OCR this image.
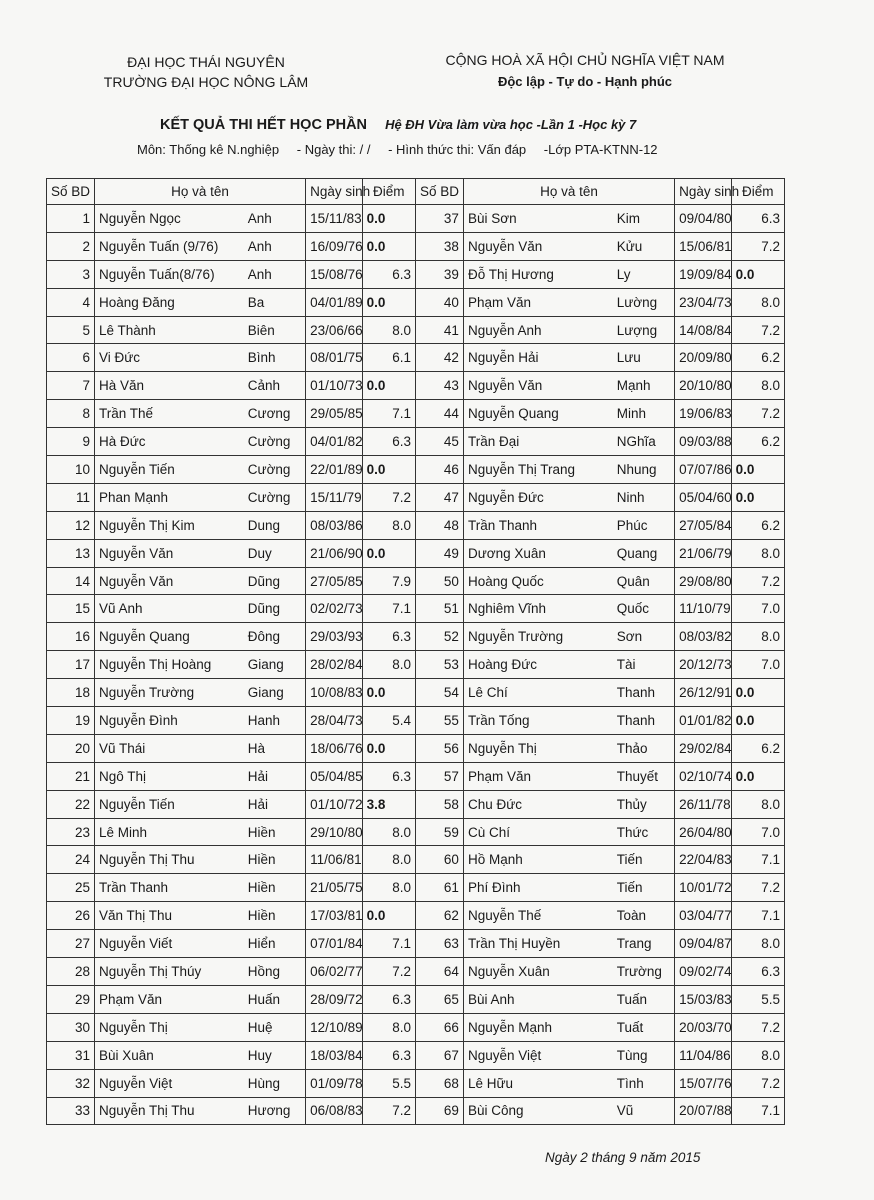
ĐẠI HỌC THÁI NGUYÊN
TRƯỜNG ĐẠI HỌC NÔNG LÂM
CỘNG HOÀ XÃ HỘI CHỦ NGHĨA VIỆT NAM
Độc lập - Tự do - Hạnh phúc
KẾT QUẢ THI HẾT HỌC PHẦN Hệ ĐH Vừa làm vừa học -Lần 1 -Học kỳ 7
Môn: Thống kê N.nghiệp - Ngày thi: / / - Hình thức thi: Vấn đáp -Lớp PTA-KTNN-12
Số BD	Họ và tên		Ngày sinh	Điểm	Số BD	Họ và tên		Ngày sinh	Điểm
1	Nguyễn Ngọc	Anh	15/11/83	0.0	37	Bùi Sơn	Kim	09/04/80	6.3
2	Nguyễn Tuấn (9/76)	Anh	16/09/76	0.0	38	Nguyễn Văn	Kửu	15/06/81	7.2
3	Nguyễn Tuấn(8/76)	Anh	15/08/76	6.3	39	Đỗ Thị Hương	Ly	19/09/84	0.0
4	Hoàng Đăng	Ba	04/01/89	0.0	40	Phạm Văn	Lường	23/04/73	8.0
5	Lê Thành	Biên	23/06/66	8.0	41	Nguyễn Anh	Lượng	14/08/84	7.2
6	Vi Đức	Bình	08/01/75	6.1	42	Nguyễn Hải	Lưu	20/09/80	6.2
7	Hà Văn	Cảnh	01/10/73	0.0	43	Nguyễn Văn	Mạnh	20/10/80	8.0
8	Trần Thế	Cương	29/05/85	7.1	44	Nguyễn Quang	Minh	19/06/83	7.2
9	Hà Đức	Cường	04/01/82	6.3	45	Trần Đại	NGhĩa	09/03/88	6.2
10	Nguyễn Tiến	Cường	22/01/89	0.0	46	Nguyễn Thị Trang	Nhung	07/07/86	0.0
11	Phan Mạnh	Cường	15/11/79	7.2	47	Nguyễn Đức	Ninh	05/04/60	0.0
12	Nguyễn Thị Kim	Dung	08/03/86	8.0	48	Trần Thanh	Phúc	27/05/84	6.2
13	Nguyễn Văn	Duy	21/06/90	0.0	49	Dương Xuân	Quang	21/06/79	8.0
14	Nguyễn Văn	Dũng	27/05/85	7.9	50	Hoàng Quốc	Quân	29/08/80	7.2
15	Vũ Anh	Dũng	02/02/73	7.1	51	Nghiêm Vĩnh	Quốc	11/10/79	7.0
16	Nguyễn Quang	Đông	29/03/93	6.3	52	Nguyễn Trường	Sơn	08/03/82	8.0
17	Nguyễn Thị Hoàng	Giang	28/02/84	8.0	53	Hoàng Đức	Tài	20/12/73	7.0
18	Nguyễn Trường	Giang	10/08/83	0.0	54	Lê Chí	Thanh	26/12/91	0.0
19	Nguyễn Đình	Hanh	28/04/73	5.4	55	Trần Tống	Thanh	01/01/82	0.0
20	Vũ Thái	Hà	18/06/76	0.0	56	Nguyễn Thị	Thảo	29/02/84	6.2
21	Ngô Thị	Hải	05/04/85	6.3	57	Phạm Văn	Thuyết	02/10/74	0.0
22	Nguyễn Tiến	Hải	01/10/72	3.8	58	Chu Đức	Thủy	26/11/78	8.0
23	Lê Minh	Hiền	29/10/80	8.0	59	Cù Chí	Thức	26/04/80	7.0
24	Nguyễn Thị Thu	Hiền	11/06/81	8.0	60	Hồ Mạnh	Tiến	22/04/83	7.1
25	Trần Thanh	Hiền	21/05/75	8.0	61	Phí Đình	Tiến	10/01/72	7.2
26	Văn Thị Thu	Hiền	17/03/81	0.0	62	Nguyễn Thế	Toàn	03/04/77	7.1
27	Nguyễn Viết	Hiển	07/01/84	7.1	63	Trần Thị Huyền	Trang	09/04/87	8.0
28	Nguyễn Thị Thúy	Hồng	06/02/77	7.2	64	Nguyễn Xuân	Trường	09/02/74	6.3
29	Phạm Văn	Huấn	28/09/72	6.3	65	Bùi Anh	Tuấn	15/03/83	5.5
30	Nguyễn Thị	Huệ	12/10/89	8.0	66	Nguyễn Mạnh	Tuất	20/03/70	7.2
31	Bùi Xuân	Huy	18/03/84	6.3	67	Nguyễn Việt	Tùng	11/04/86	8.0
32	Nguyễn Việt	Hùng	01/09/78	5.5	68	Lê Hữu	Tình	15/07/76	7.2
33	Nguyễn Thị Thu	Hương	06/08/83	7.2	69	Bùi Công	Vũ	20/07/88	7.1
Ngày 2 tháng 9 năm 2015
